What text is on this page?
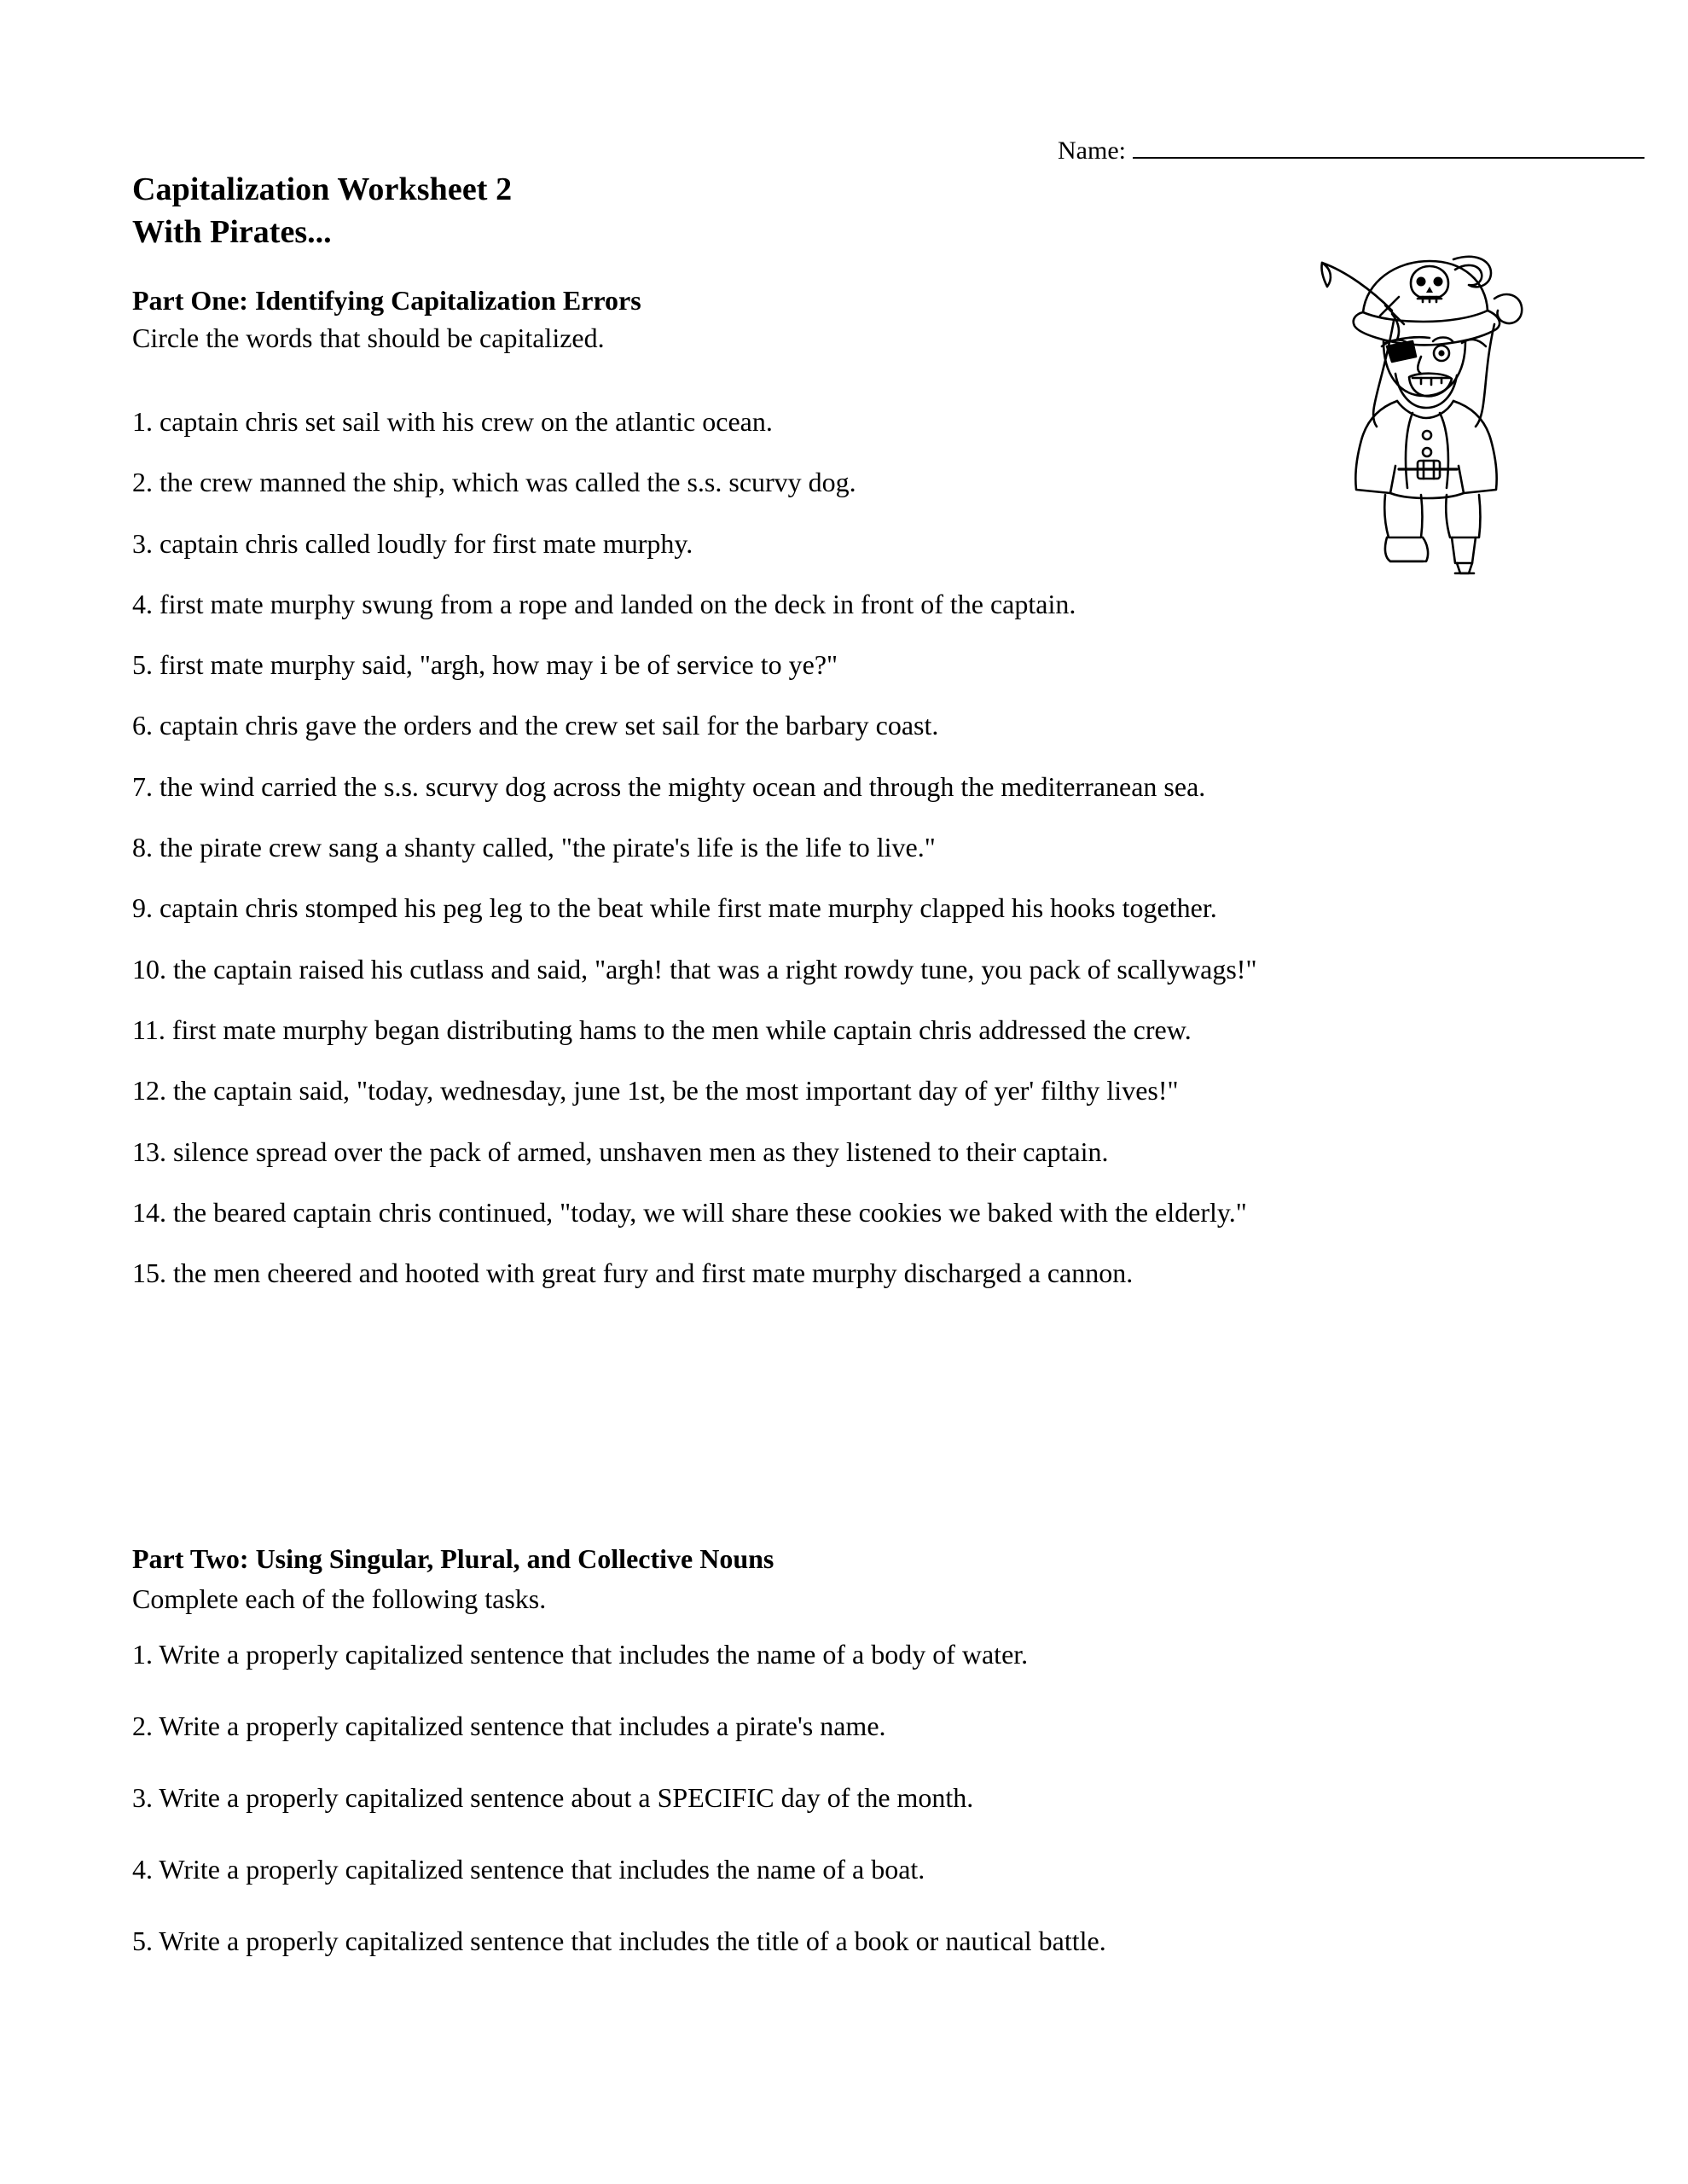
Name:
Capitalization Worksheet 2
With Pirates...
Part One: Identifying Capitalization Errors
Circle the words that should be capitalized.
1. captain chris set sail with his crew on the atlantic ocean.
2. the crew manned the ship, which was called the s.s. scurvy dog.
3. captain chris called loudly for first mate murphy.
4. first mate murphy swung from a rope and landed on the deck in front of the captain.
5. first mate murphy said, "argh, how may i be of service to ye?"
6. captain chris gave the orders and the crew set sail for the barbary coast.
7. the wind carried the s.s. scurvy dog across the mighty ocean and through the mediterranean sea.
8. the pirate crew sang a shanty called, "the pirate's life is the life to live."
9. captain chris stomped his peg leg to the beat while first mate murphy clapped his hooks together.
10. the captain raised his cutlass and said, "argh! that was a right rowdy tune, you pack of scallywags!"
11. first mate murphy began distributing hams to the men while captain chris addressed the crew.
12. the captain said, "today, wednesday, june 1st, be the most important day of yer' filthy lives!"
13. silence spread over the pack of armed, unshaven men as they listened to their captain.
14. the beared captain chris continued, "today, we will share these cookies we baked with the elderly."
15. the men cheered and hooted with great fury and first mate murphy discharged a cannon.
Part Two: Using Singular, Plural, and Collective Nouns
Complete each of the following tasks.
1. Write a properly capitalized sentence that includes the name of a body of water.
2. Write a properly capitalized sentence that includes a pirate's name.
3. Write a properly capitalized sentence about a SPECIFIC day of the month.
4. Write a properly capitalized sentence that includes the name of a boat.
5. Write a properly capitalized sentence that includes the title of a book or nautical battle.
